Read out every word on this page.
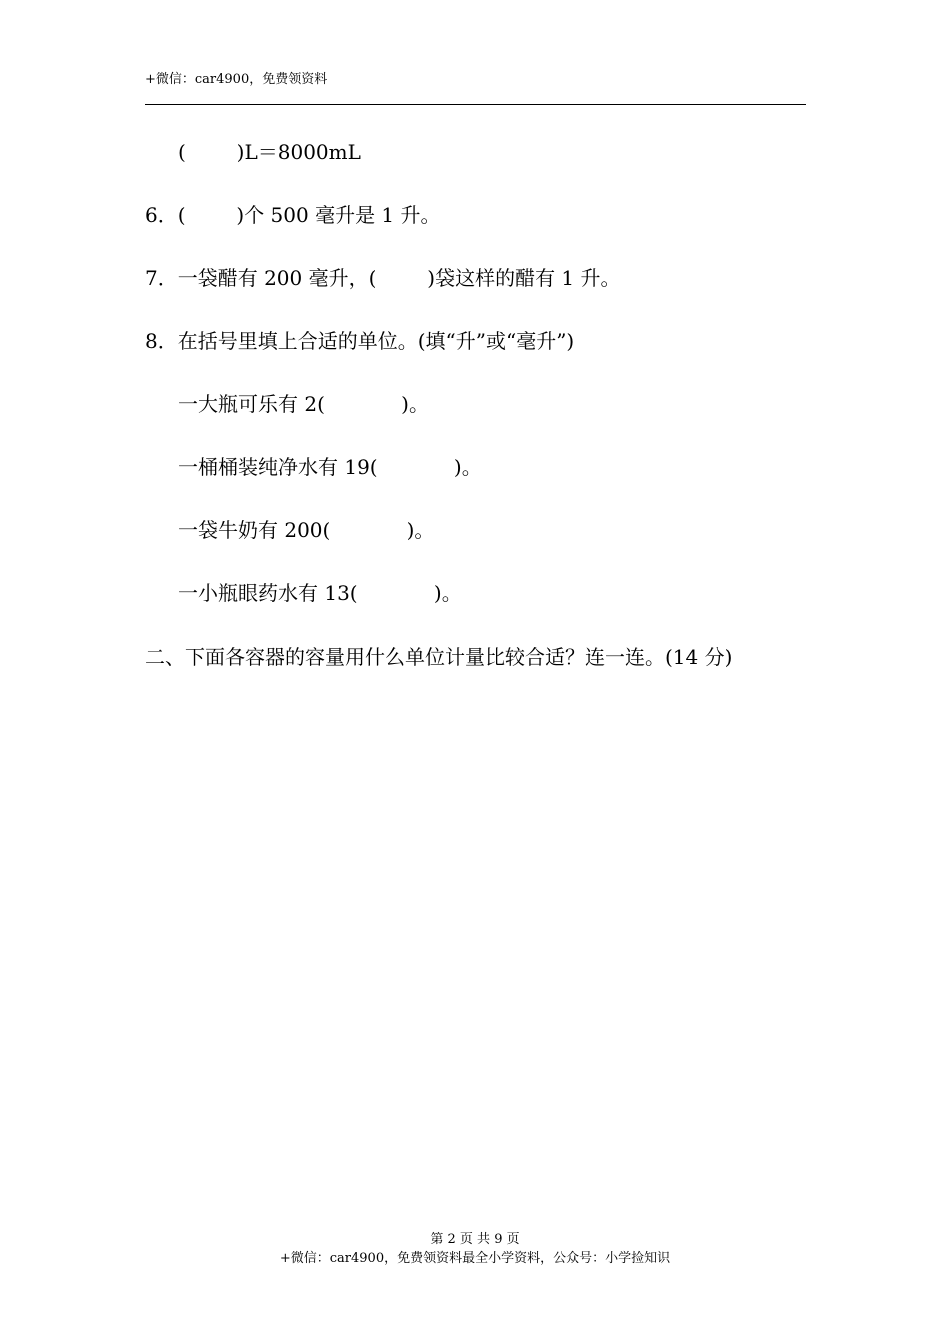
+微信：car4900，免费领资料
(        )L＝8000mL
6．(        )个 500 毫升是 1 升。
7．一袋醋有 200 毫升，(        )袋这样的醋有 1 升。
8．在括号里填上合适的单位。(填“升”或“毫升”)
一大瓶可乐有 2(            )。
一桶桶装纯净水有 19(            )。
一袋牛奶有 200(            )。
一小瓶眼药水有 13(            )。
二、下面各容器的容量用什么单位计量比较合适？连一连。(14 分)
第 2 页 共 9 页
+微信：car4900，免费领资料最全小学资料，公众号：小学捡知识
